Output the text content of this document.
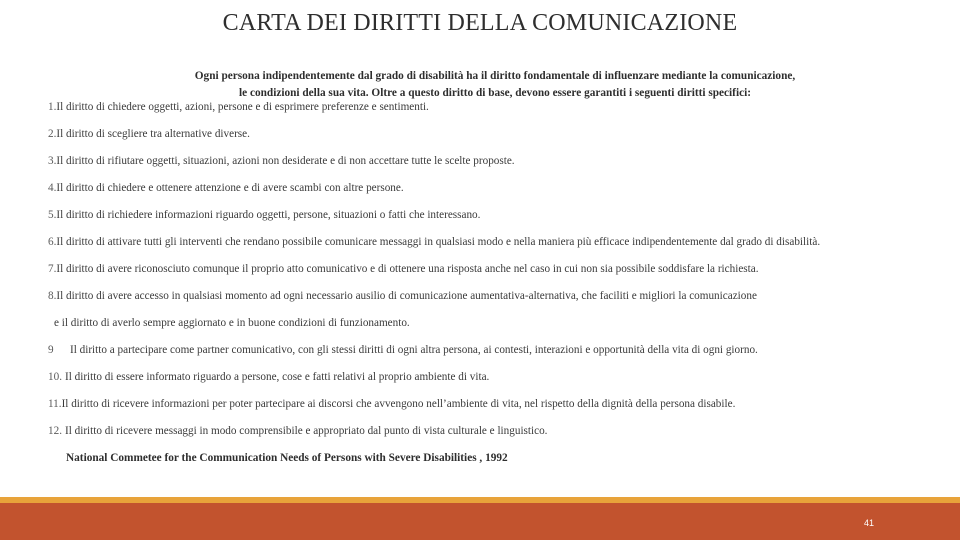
CARTA DEI DIRITTI DELLA COMUNICAZIONE
Ogni persona indipendentemente dal grado di disabilità ha il diritto fondamentale di influenzare mediante la comunicazione,
le condizioni della sua vita. Oltre a questo diritto di base, devono essere garantiti i seguenti diritti specifici:
1.Il diritto di chiedere oggetti, azioni, persone e di esprimere preferenze e sentimenti.
2.Il diritto di scegliere tra alternative diverse.
3.Il diritto di rifiutare oggetti, situazioni, azioni non desiderate e di non accettare tutte le scelte proposte.
4.Il diritto di chiedere e ottenere attenzione e di avere scambi con altre persone.
5.Il diritto di richiedere informazioni riguardo oggetti, persone, situazioni o fatti che interessano.
6.Il diritto di attivare tutti gli interventi che rendano possibile comunicare messaggi in qualsiasi modo e nella maniera più efficace indipendentemente dal grado di disabilità.
7.Il diritto di avere riconosciuto comunque il proprio atto comunicativo e di ottenere una risposta anche nel caso in cui non sia possibile soddisfare la richiesta.
8.Il diritto di avere accesso in qualsiasi momento ad ogni necessario ausilio di comunicazione aumentativa-alternativa, che faciliti e migliori la comunicazione
e il diritto di averlo sempre aggiornato e in buone condizioni di funzionamento.
9 Il diritto a partecipare come partner comunicativo, con gli stessi diritti di ogni altra persona, ai contesti, interazioni e opportunità della vita di ogni giorno.
10. Il diritto di essere informato riguardo a persone, cose e fatti relativi al proprio ambiente di vita.
11.Il diritto di ricevere informazioni per poter partecipare ai discorsi che avvengono nell’ambiente di vita, nel rispetto della dignità della persona disabile.
12. Il diritto di ricevere messaggi in modo comprensibile e appropriato dal punto di vista culturale e linguistico.
National Commetee for the Communication Needs of Persons with Severe Disabilities , 1992
41
